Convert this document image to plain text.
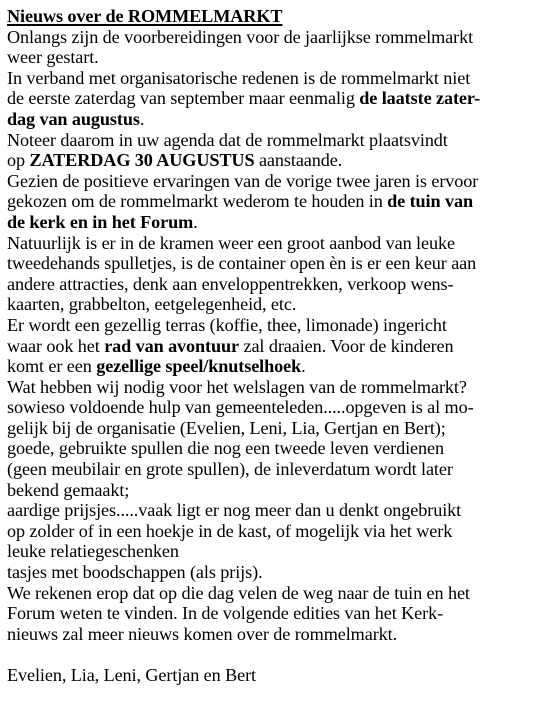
Nieuws over de ROMMELMARKT
Onlangs zijn de voorbereidingen voor de jaarlijkse rommelmarkt
weer gestart.
In verband met organisatorische redenen is de rommelmarkt niet
de eerste zaterdag van september maar eenmalig de laatste zater-
dag van augustus.
Noteer daarom in uw agenda dat de rommelmarkt plaatsvindt
op ZATERDAG 30 AUGUSTUS aanstaande.
Gezien de positieve ervaringen van de vorige twee jaren is ervoor
gekozen om de rommelmarkt wederom te houden in de tuin van
de kerk en in het Forum.
Natuurlijk is er in de kramen weer een groot aanbod van leuke
tweedehands spulletjes, is de container open èn is er een keur aan
andere attracties, denk aan enveloppentrekken, verkoop wens-
kaarten, grabbelton, eetgelegenheid, etc.
Er wordt een gezellig terras (koffie, thee, limonade) ingericht
waar ook het rad van avontuur zal draaien. Voor de kinderen
komt er een gezellige speel/knutselhoek.
Wat hebben wij nodig voor het welslagen van de rommelmarkt?
sowieso voldoende hulp van gemeenteleden.....opgeven is al mo-
gelijk bij de organisatie (Evelien, Leni, Lia, Gertjan en Bert);
goede, gebruikte spullen die nog een tweede leven verdienen
(geen meubilair en grote spullen), de inleverdatum wordt later
bekend gemaakt;
aardige prijsjes.....vaak ligt er nog meer dan u denkt ongebruikt
op zolder of in een hoekje in de kast, of mogelijk via het werk
leuke relatiegeschenken
tasjes met boodschappen (als prijs).
We rekenen erop dat op die dag velen de weg naar de tuin en het
Forum weten te vinden. In de volgende edities van het Kerk-
nieuws zal meer nieuws komen over de rommelmarkt.
Evelien, Lia, Leni, Gertjan en Bert
